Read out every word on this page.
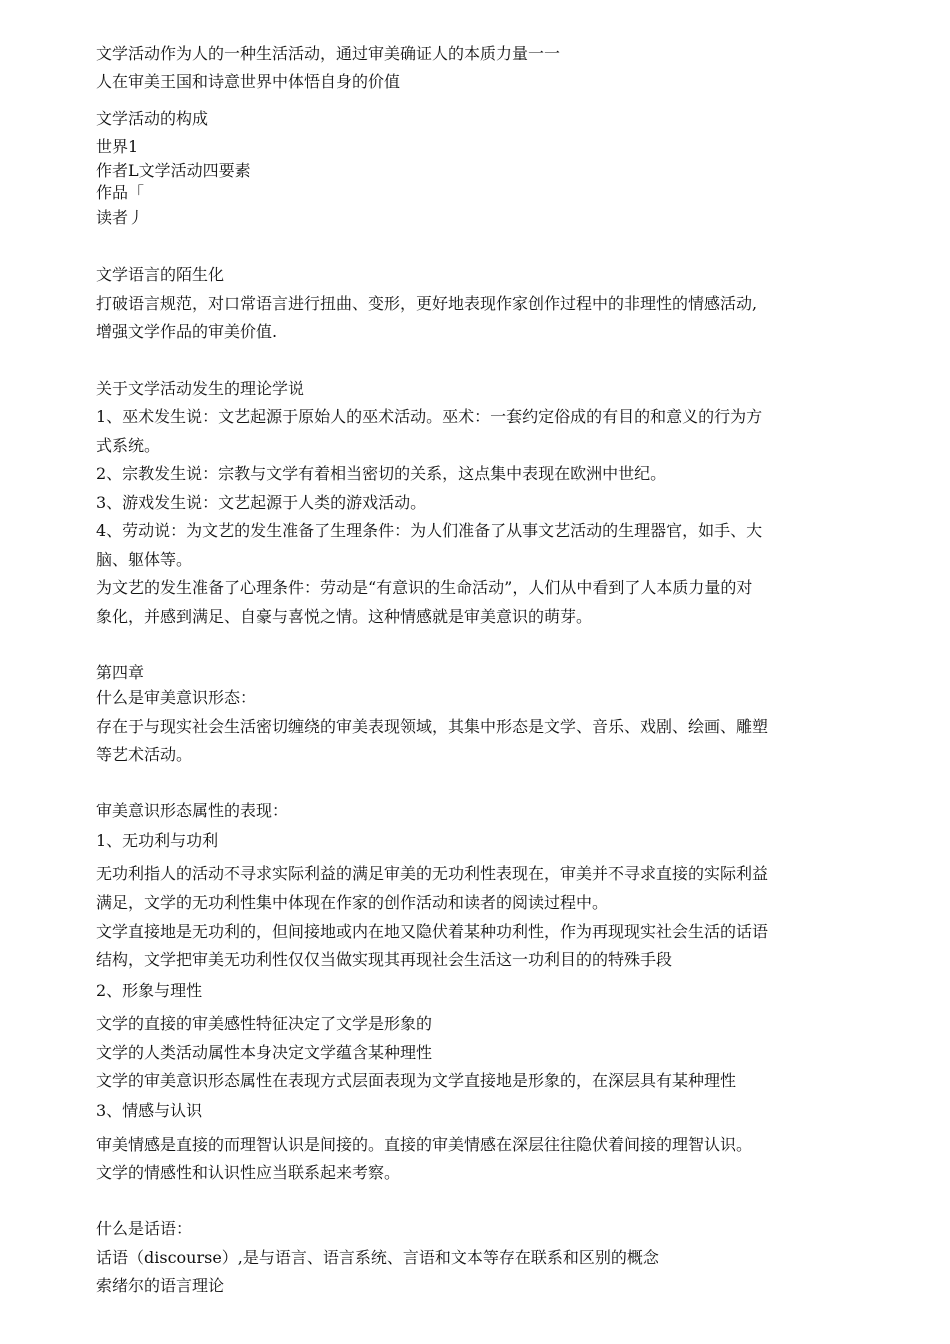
文学活动作为人的一种生活活动，通过审美确证人的本质力量一一
人在审美王国和诗意世界中体悟自身的价值
文学活动的构成
世界1
作者L文学活动四要素
作品「
读者丿
文学语言的陌生化
打破语言规范，对口常语言进行扭曲、变形，更好地表现作家创作过程中的非理性的情感活动,
增强文学作品的审美价值.
关于文学活动发生的理论学说
1、巫术发生说：文艺起源于原始人的巫术活动。巫术：一套约定俗成的有目的和意义的行为方
式系统。
2、宗教发生说：宗教与文学有着相当密切的关系，这点集中表现在欧洲中世纪。
3、游戏发生说：文艺起源于人类的游戏活动。
4、劳动说：为文艺的发生准备了生理条件：为人们准备了从事文艺活动的生理器官，如手、大
脑、躯体等。
为文艺的发生准备了心理条件：劳动是“有意识的生命活动”，人们从中看到了人本质力量的对
象化，并感到满足、自豪与喜悦之情。这种情感就是审美意识的萌芽。
第四章
什么是审美意识形态：
存在于与现实社会生活密切缠绕的审美表现领域，其集中形态是文学、音乐、戏剧、绘画、雕塑
等艺术活动。
审美意识形态属性的表现：
1、无功利与功利
无功利指人的活动不寻求实际利益的满足审美的无功利性表现在，审美并不寻求直接的实际利益
满足，文学的无功利性集中体现在作家的创作活动和读者的阅读过程中。
文学直接地是无功利的，但间接地或内在地又隐伏着某种功利性，作为再现现实社会生活的话语
结构，文学把审美无功利性仅仅当做实现其再现社会生活这一功利目的的特殊手段
2、形象与理性
文学的直接的审美感性特征决定了文学是形象的
文学的人类活动属性本身决定文学蕴含某种理性
文学的审美意识形态属性在表现方式层面表现为文学直接地是形象的，在深层具有某种理性
3、情感与认识
审美情感是直接的而理智认识是间接的。直接的审美情感在深层往往隐伏着间接的理智认识。
文学的情感性和认识性应当联系起来考察。
什么是话语：
话语（discourse）,是与语言、语言系统、言语和文本等存在联系和区别的概念
索绪尔的语言理论
